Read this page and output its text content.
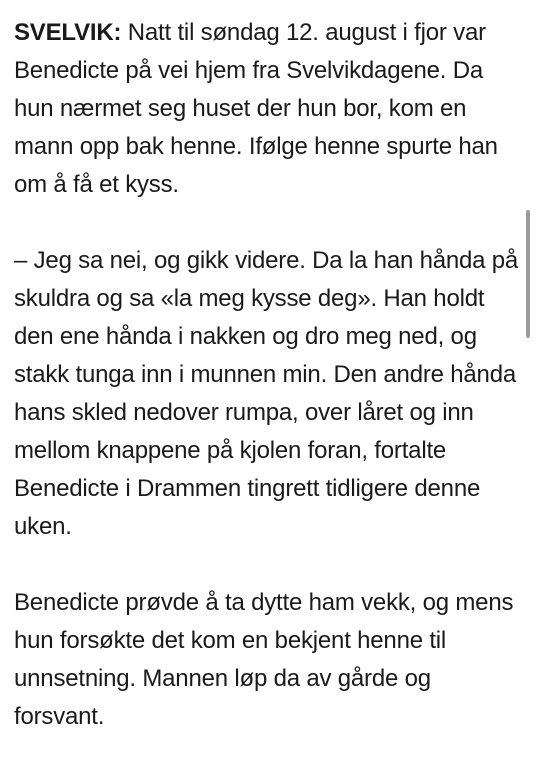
SVELVIK: Natt til søndag 12. august i fjor var Benedicte på vei hjem fra Svelvikdagene. Da hun nærmet seg huset der hun bor, kom en mann opp bak henne. Ifølge henne spurte han om å få et kyss.

– Jeg sa nei, og gikk videre. Da la han hånda på skuldra og sa «la meg kysse deg». Han holdt den ene hånda i nakken og dro meg ned, og stakk tunga inn i munnen min. Den andre hånda hans skled nedover rumpa, over låret og inn mellom knappene på kjolen foran, fortalte Benedicte i Drammen tingrett tidligere denne uken.

Benedicte prøvde å ta dytte ham vekk, og mens hun forsøkte det kom en bekjent henne til unnsetning. Mannen løp da av gårde og forsvant.
